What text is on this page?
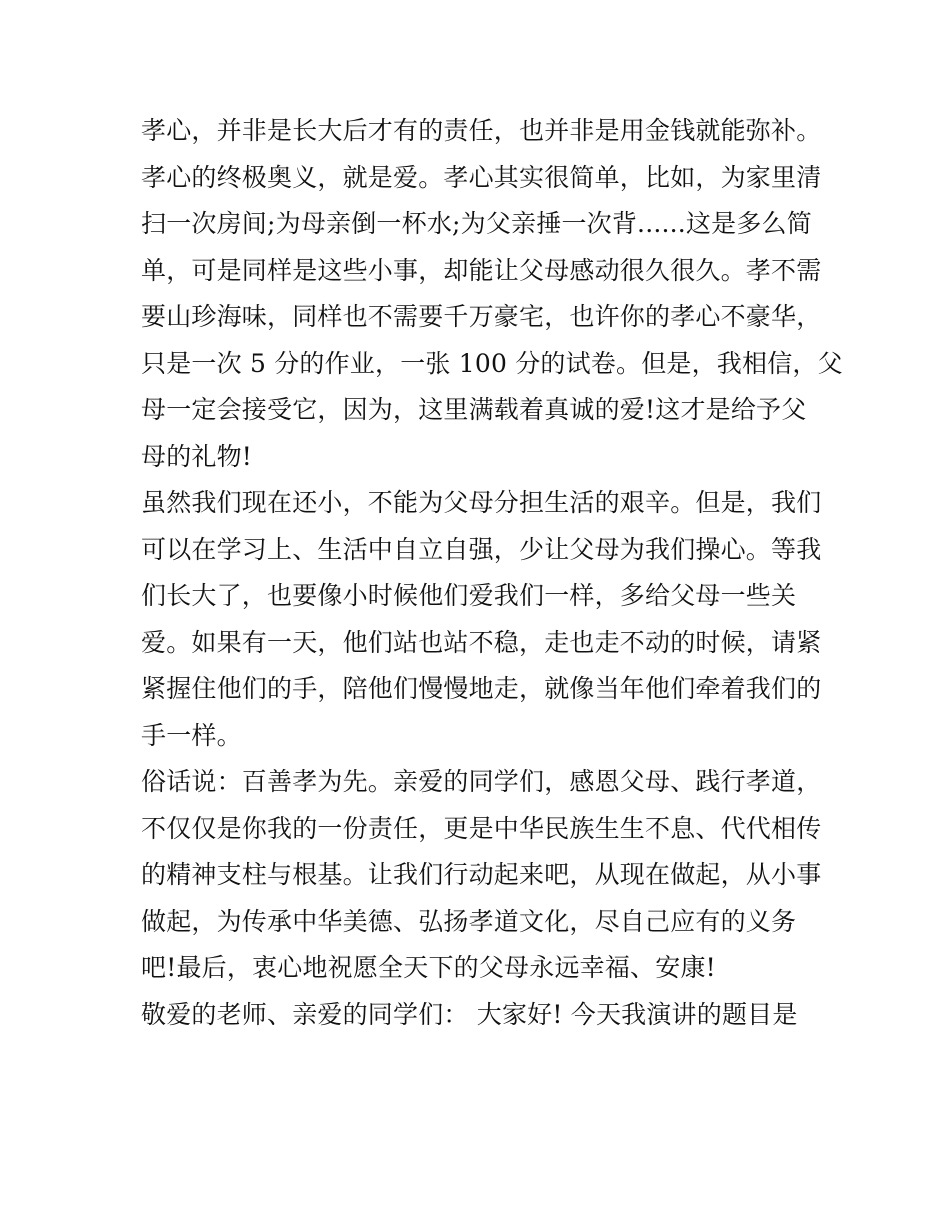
孝心，并非是长大后才有的责任，也并非是用金钱就能弥补。
孝心的终极奥义，就是爱。孝心其实很简单，比如，为家里清
扫一次房间;为母亲倒一杯水;为父亲捶一次背......这是多么简
单，可是同样是这些小事，却能让父母感动很久很久。孝不需
要山珍海味，同样也不需要千万豪宅，也许你的孝心不豪华，
只是一次 5 分的作业，一张 100 分的试卷。但是，我相信，父
母一定会接受它，因为，这里满载着真诚的爱!这才是给予父
母的礼物!
虽然我们现在还小，不能为父母分担生活的艰辛。但是，我们
可以在学习上、生活中自立自强，少让父母为我们操心。等我
们长大了，也要像小时候他们爱我们一样，多给父母一些关
爱。如果有一天，他们站也站不稳，走也走不动的时候，请紧
紧握住他们的手，陪他们慢慢地走，就像当年他们牵着我们的
手一样。
俗话说：百善孝为先。亲爱的同学们，感恩父母、践行孝道，
不仅仅是你我的一份责任，更是中华民族生生不息、代代相传
的精神支柱与根基。让我们行动起来吧，从现在做起，从小事
做起，为传承中华美德、弘扬孝道文化，尽自己应有的义务
吧!最后，衷心地祝愿全天下的父母永远幸福、安康!
敬爱的老师、亲爱的同学们： 大家好! 今天我演讲的题目是
